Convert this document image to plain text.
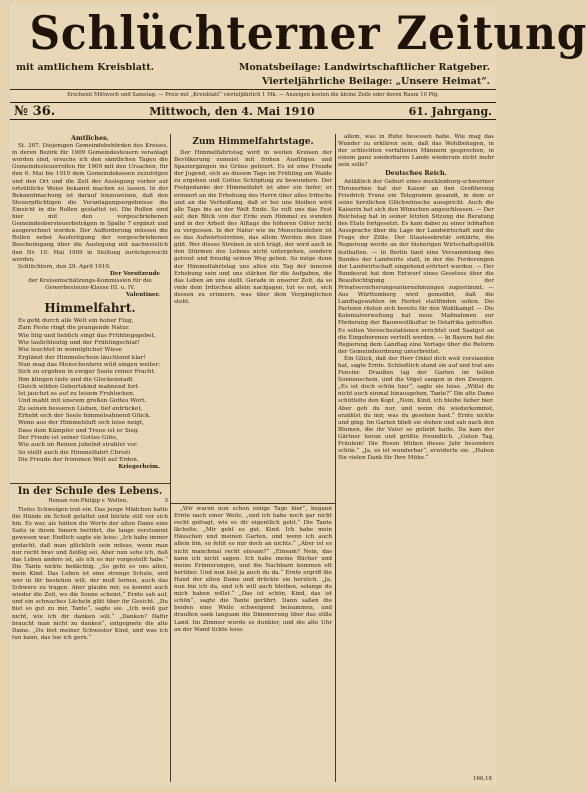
Schlüchterner Zeitung
mit amtlichem Kreisblatt.	Monatsbeilage: Landwirtschaftlicher Ratgeber.
Vierteljährliche Beilage: „Unsere Heimat“.
Erscheint Mittwoch und Samstag. — Preis mit „Kreisblatt“ vierteljährlich 1 Mk. — Anzeigen kosten die kleine Zeile oder deren Raum 10 Pfg.
№ 36.	Mittwoch, den 4. Mai 1910	61. Jahrgang.
Amtliches.

St. 307. Diejenigen Gemeindebehörden des Kreises, in deren Bezirk für 1909 Gemeindesteuern veranlagt worden sind, ersuche ich den sämtlichen Tagen die Gemeindesteuerrollen für 1909 mit den Ursachen, für den 6. Mai bis 1910 dem Gemeindekassen zuzufolgen und den Ort und die Zeit der Auslegung vorher auf ortsübliche Weise bekannt machen zu lassen. In der Bekanntmachung ist darauf hinzuweisen, daß den Steuerpflichtigen die Veranlagungsergebnisse die Einsicht in die Rollen gestattet ist. Die Rollen sind hier mit den vorgeschriebenen Gemeindeobersteuerbeträgen in Spalte 7 ergänzt und ausgerechnet worden. Der Aufforderung müssen die Rollen nebst Ausfertigung der vorgeschriebenen Bescheinigung über die Auslegung mit nachweislich den Nr. 10. Mai 1909 in Stellung zurückgereicht werden.

Schlüchtern, den 29. April 1910.
Der Vorsitzende
der Kreiseinschätzungs-Kommission für die Gewerbesteuer-Klasse III. u. IV.
Valentiner.
Himmelfahrt.
Es geht durch alle Welt ein hoher Flug,
Zum Feste ringt die prangende Natur.
Wie lilig und lieblich singt das Frühlingsgebet,
Wie laulichleutig und der Frühlingschlaf!
Wie leuchtet in wonniglicher Wiese
Erglänzt der Himmelschein läuchtend klar!
Nun mag das Menschenherz wild singen weiter:
Sich zu ergeben in ewiger Seele reiner Pracht.
Ihm klingen tiefe und die Glockenstadt
Gleich wilden Geburtskind mahnend fort.
Ist jauchzt es auf zu leisem Frohlocken,
Und mahlt mit unsrem großen Gottes Wort.
Zu seinen besseren Lieben, tief entrücket,
Erhebt sich der Seele himmelsahnend Glück.
Wenn aus der Himmelsluft sich leise neigt,
Dass dem Kämpfer und Treue ist er Sieg.
Der Friede ist seiner Gottes Güte,
Wie auch im Reinen jubelnd strahlet vor.
So stellt auch die Himmelfahrt Christi
Die Freude der frommen Welt auf Erden.
Kriegerheim.
Zum Himmelfahrtstage.

Der Himmelfahrtstag wird in weiten Kreisen der Bevölkerung zumeist mit frohen Ausflügen und Spaziergängen ins Grüne gefeiert. Es ist eine Freude der Jugend, sich an diesem Tage im Frühling am Walde zu ergehen und Gottes Schöpfung zu bewundern. Der Festgedanke der Himmelfahrt ist aber ein tiefer; er erinnert an die Erhebung des Herrn über alles Irdische und an die Verheißung, daß er bei uns bleiben wird alle Tage bis an der Welt Ende. So ruft uns das Fest auf, den Blick von der Erde zum Himmel zu wenden und in der Arbeit des Alltags die höheren Güter nicht zu vergessen. In der Natur wie im Menschenleben ist es das Aufwärtsstreben, das allem Werden den Sinn gibt. Wer dieses Streben in sich trägt, der wird auch in den Stürmen des Lebens nicht untergehen, sondern getrost und freudig seinen Weg gehen. So möge denn der Himmelfahrtstag uns allen ein Tag der inneren Erhebung sein und uns stärken für die Aufgaben, die das Leben an uns stellt. Gerade in unserer Zeit, da so viele dem Irdischen allein nachjagen, tut es not, sich dessen zu erinnern, was über dem Vergänglichen steht.

allem, was in Ruhe besessen habe. Wie mag das Wunder zu erklären sein, daß das Wohlbehagen, in der schlechten verfallenen Männern gesprochen, in einem ganz sonderbaren Lande wiederum nicht mehr sein solle?

Deutsches Reich.

Anläßlich der Geburt eines mecklenburg-schweriner Thronerben hat der Kaiser an den Großherzog Friedrich Franz ein Telegramm gesandt, in dem er seine herzlichen Glückwünsche ausspricht. Auch die Kaiserin hat sich den Wünschen angeschlossen. — Der Reichstag hat in seiner letzten Sitzung die Beratung des Etats fortgesetzt. Es kam dabei zu einer lebhaften Aussprache über die Lage der Landwirtschaft und die Frage der Zölle. Der Staatssekretär erklärte, die Regierung werde an der bisherigen Wirtschaftspolitik festhalten. — In Berlin fand eine Versammlung des Bundes der Landwirte statt, in der die Forderungen der Landwirtschaft eingehend erörtert wurden. — Der Bundesrat hat dem Entwurf eines Gesetzes über die Beaufsichtigung der Privatversicherungsunternehmungen zugestimmt. — Aus Württemberg wird gemeldet, daß die Landtagswahlen im Herbst stattfinden sollen. Die Parteien rüsten sich bereits für den Wahlkampf. — Die Kolonialverwaltung hat neue Maßnahmen zur Förderung der Baumwollkultur in Ostafrika getroffen. Es sollen Versuchsstationen errichtet und Saatgut an die Eingeborenen verteilt werden. — In Bayern hat die Regierung dem Landtag eine Vorlage über die Reform der Gemeindeordnung unterbreitet.

Ein Glück, daß der Herr Onkel dich weit verstanden hat, sagte Ernte. Schließlich stand sie auf und trat ans Fenster. Draußen lag der Garten im hellen Sonnenschein, und die Vögel sangen in den Zweigen. „Es ist doch schön hier“, sagte sie leise. „Willst du nicht auch einmal hinausgehen, Tante?“ Die alte Dame schüttelte den Kopf. „Nein, Kind, ich bleibe lieber hier. Aber geh du nur, und wenn du wiederkommst, erzählst du mir, was du gesehen hast.“ Ernte nickte und ging. Im Garten blieb sie stehen und sah nach den Blumen, die ihr Vater so geliebt hatte. Da kam der Gärtner heran und grüßte freundlich. „Guten Tag, Fräulein! Die Rosen blühen dieses Jahr besonders schön.“ „Ja, es ist wunderbar“, erwiderte sie. „Haben Sie vielen Dank für Ihre Mühe.“

In der Schule des Lebens.
Roman von Philipp v. Welten.	5

Tiefes Schweigen trat ein. Das junge Mädchen hatte die Hände im Schoß gefaltet und blickte still vor sich hin. Es war, als hätten die Worte der alten Dame eine Saite in ihrem Innern berührt, die lange verstummt gewesen war. Endlich sagte sie leise: „Ich habe immer gedacht, daß man glücklich sein müsse, wenn man nur recht brav und fleißig sei. Aber nun sehe ich, daß das Leben anders ist, als ich es mir vorgestellt habe.“ Die Tante nickte bedächtig. „So geht es uns allen, mein Kind. Das Leben ist eine strenge Schule, und wer in ihr bestehen will, der muß lernen, auch das Schwere zu tragen. Aber glaube mir, es kommt auch wieder die Zeit, wo die Sonne scheint.“ Ernte sah auf, und ein schwaches Lächeln glitt über ihr Gesicht. „Du bist so gut zu mir, Tante“, sagte sie. „Ich weiß gar nicht, wie ich dir danken soll.“ „Danken? Dafür braucht man nicht zu danken“, entgegnete die alte Dame. „Du bist meiner Schwester Kind, und was ich tun kann, das tue ich gern.“

„Wir waren nun schon einige Tage hier“, begann Ernte nach einer Weile, „und ich habe noch gar nicht recht gefragt, wie es dir eigentlich geht.“ Die Tante lächelte. „Mir geht es gut, Kind. Ich habe mein Häuschen und meinen Garten, und wenn ich auch allein bin, so fehlt es mir doch an nichts.“ „Aber ist es nicht manchmal recht einsam?“ „Einsam? Nein, das kann ich nicht sagen. Ich habe meine Bücher und meine Erinnerungen, und die Nachbarn kommen oft herüber. Und nun bist ja auch du da.“ Ernte ergriff die Hand der alten Dame und drückte sie herzlich. „Ja, nun bin ich da, und ich will auch bleiben, solange du mich haben willst.“ „Das ist schön, Kind, das ist schön“, sagte die Tante gerührt. Dann saßen die beiden eine Weile schweigend beisammen, und draußen sank langsam die Dämmerung über das stille Land. Im Zimmer wurde es dunkler, und die alte Uhr an der Wand tickte leise.

166,18
